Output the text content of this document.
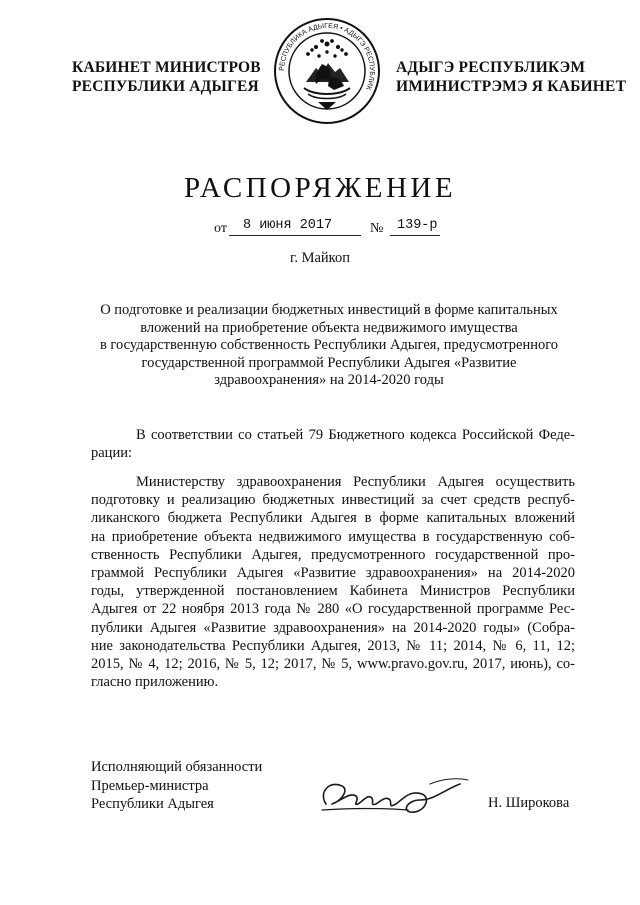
КАБИНЕТ МИНИСТРОВ
РЕСПУБЛИКИ АДЫГЕЯ
РЕСПУБЛИКА АДЫГЕЯ • АДЫГЭ РЕСПУБЛИК
АДЫГЭ РЕСПУБЛИКЭМ
ИМИНИСТРЭМЭ Я КАБИНЕТ
РАСПОРЯЖЕНИЕ
от 8 июня 2017	№ 139-р
г. Майкоп
О подготовке и реализации бюджетных инвестиций в форме капитальных
вложений на приобретение объекта недвижимого имущества
в государственную собственность Республики Адыгея, предусмотренного
государственной программой Республики Адыгея «Развитие
здравоохранения» на 2014-2020 годы
В соответствии со статьей 79 Бюджетного кодекса Российской Феде-
рации:
Министерству здравоохранения Республики Адыгея осуществить
подготовку и реализацию бюджетных инвестиций за счет средств респуб-
ликанского бюджета Республики Адыгея в форме капитальных вложений
на приобретение объекта недвижимого имущества в государственную соб-
ственность Республики Адыгея, предусмотренного государственной про-
граммой Республики Адыгея «Развитие здравоохранения» на 2014-2020
годы, утвержденной постановлением Кабинета Министров Республики
Адыгея от 22 ноября 2013 года № 280 «О государственной программе Рес-
публики Адыгея «Развитие здравоохранения» на 2014-2020 годы» (Собра-
ние законодательства Республики Адыгея, 2013, № 11; 2014, № 6, 11, 12;
2015, № 4, 12; 2016, № 5, 12; 2017, № 5, www.pravo.gov.ru, 2017, июнь), со-
гласно приложению.
Исполняющий обязанности
Премьер-министра
Республики Адыгея	Н. Широкова
